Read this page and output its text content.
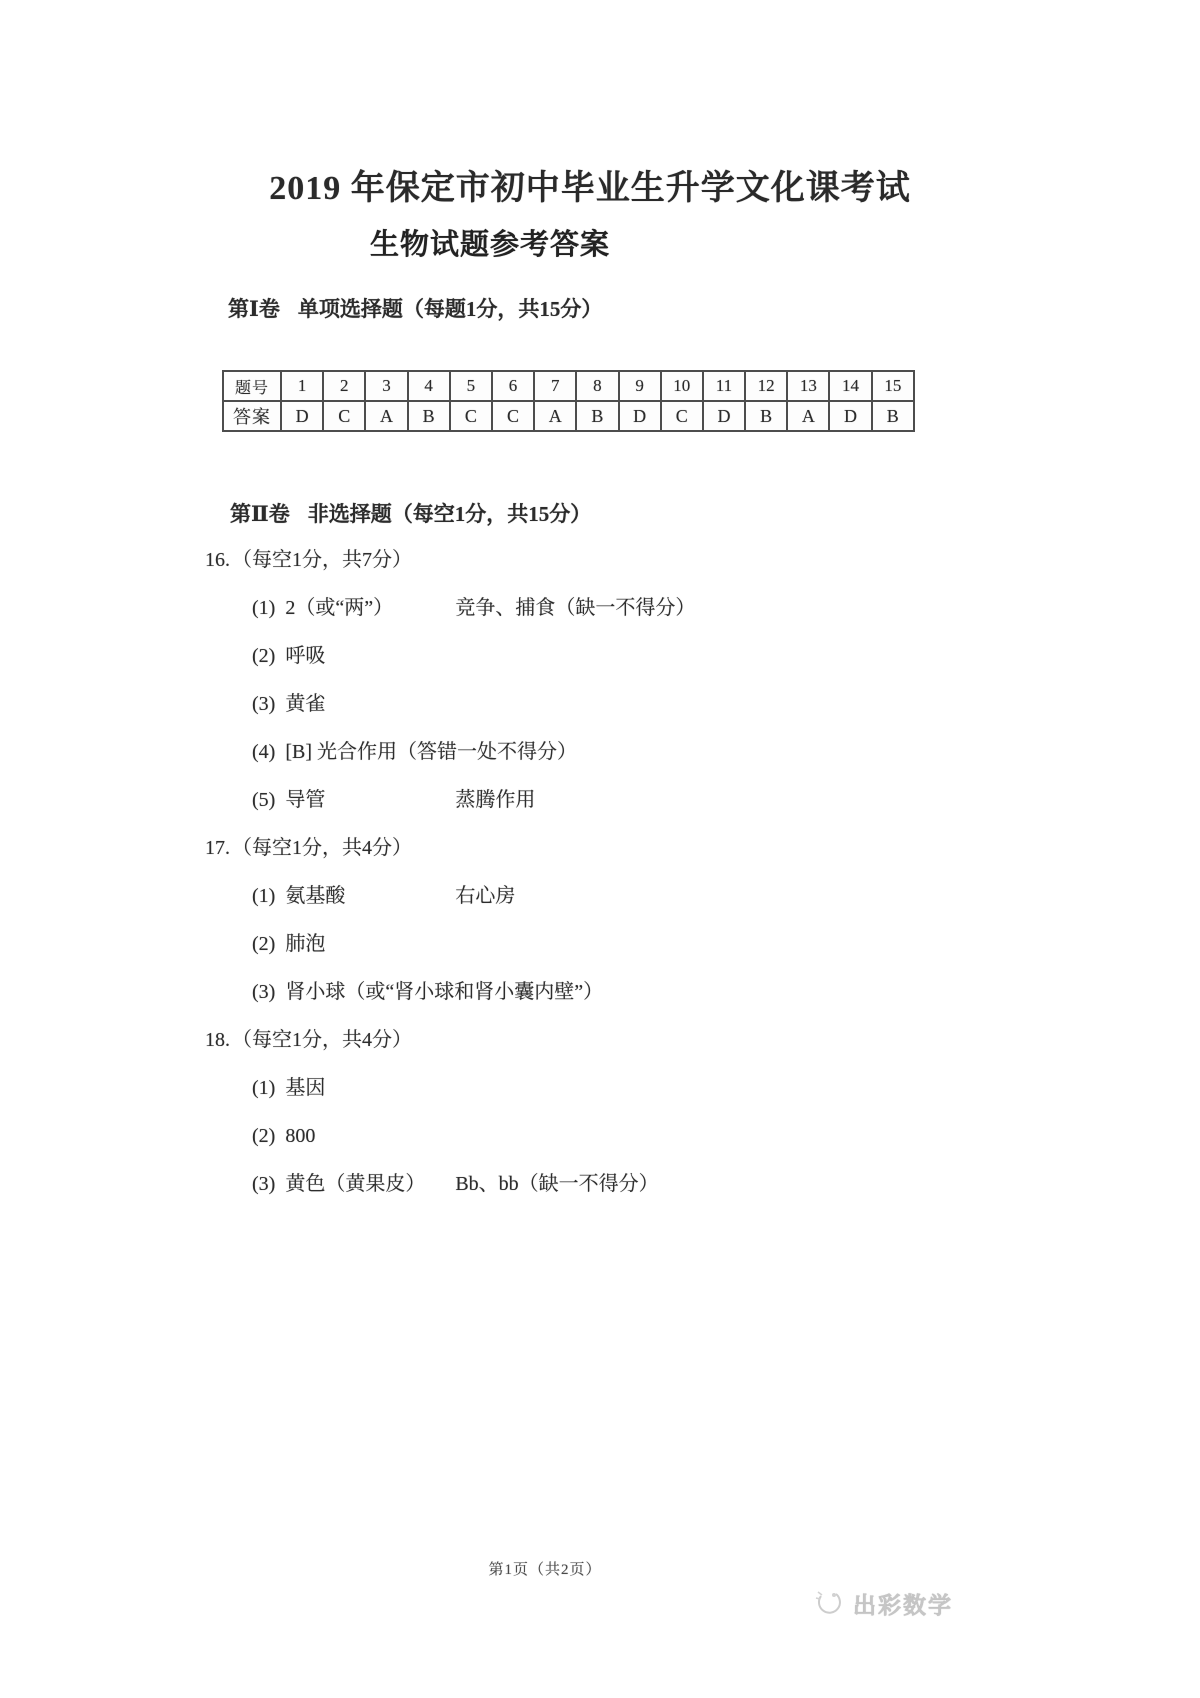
2019 年保定市初中毕业生升学文化课考试
生物试题参考答案
第Ⅰ卷 单项选择题（每题1分，共15分）
题号	1	2	3	4	5	6	7	8	9	10	11	12	13	14	15
答案	D	C	A	B	C	C	A	B	D	C	D	B	A	D	B
第Ⅱ卷 非选择题（每空1分，共15分）
16. （每空1分，共7分）
(1) 2（或“两”）	竞争、捕食（缺一不得分）
(2) 呼吸
(3) 黄雀
(4) [B] 光合作用（答错一处不得分）
(5) 导管	蒸腾作用
17. （每空1分，共4分）
(1) 氨基酸	右心房
(2) 肺泡
(3) 肾小球（或“肾小球和肾小囊内壁”）
18. （每空1分，共4分）
(1) 基因
(2) 800
(3) 黄色（黄果皮） Bb、bb（缺一不得分）
第1页（共2页）
出彩数学
